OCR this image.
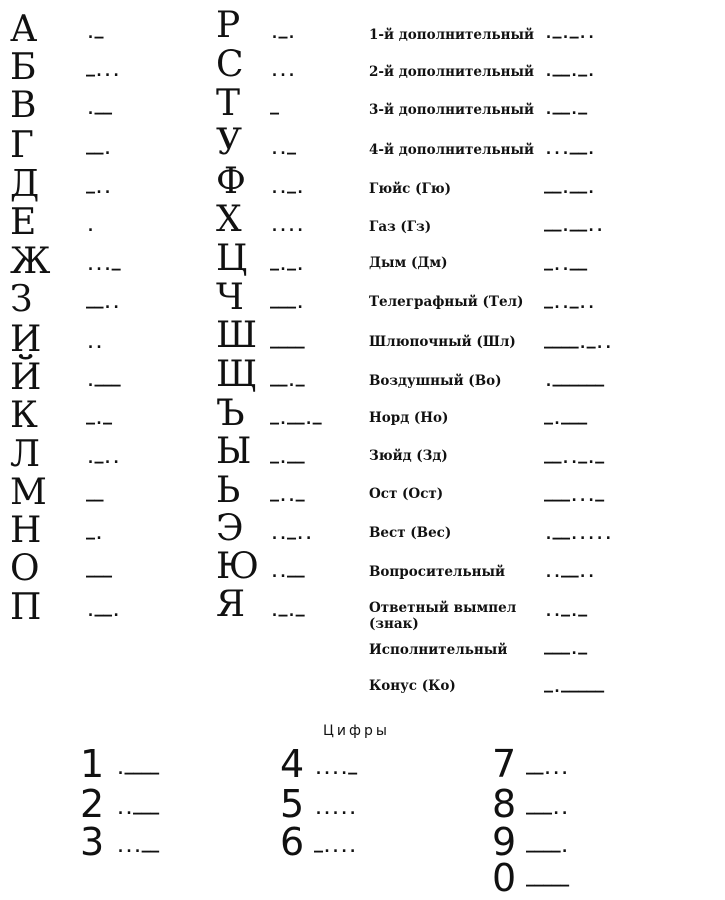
А	·—
Б	—···
В	·——
Г	——·
Д	—··
Е	·
Ж ···—
З	——··
И	··
Й	·———
К	—·—
Л	·—··
М	——
Н	—·
О	———
П	·——·
Р ·—·
С ···
Т —
У ··—
Ф ··—·
Х ····
Ц —·—·
Ч ———·
Ш ————
Щ ——·—
Ъ —·——·—
Ы —·——
Ь —··—
Э ··—··
Ю ··——
Я ·—·—
1-й дополнительный ·—·—··
2-й дополнительный ·——·—·
3-й дополнительный ·——·—
4-й дополнительный ···——·
Гюйс (Гю)	——·——·
Газ (Гз)	——·——··
Дым (Дм)	—··——
Телеграфный (Тел) —··—··
Шлюпочный (Шл) ————·—··
Воздушный (Во)	·——————
Норд (Но)	—·———
Зюйд (Зд)	——··—·—
Ост (Ост)	———···—
Вест (Вес)	·——·····
Вопросительный	··——··
Ответный вымпел (знак)	··—·—
Исполнительный ———·—
Конус (Ко)	—·—————
Цифры
1 ·————
2 ··———
3 ···——
4 ····—
5 ·····
6 —····
7 ——···
8 ———··
9 ————·
0 —————
